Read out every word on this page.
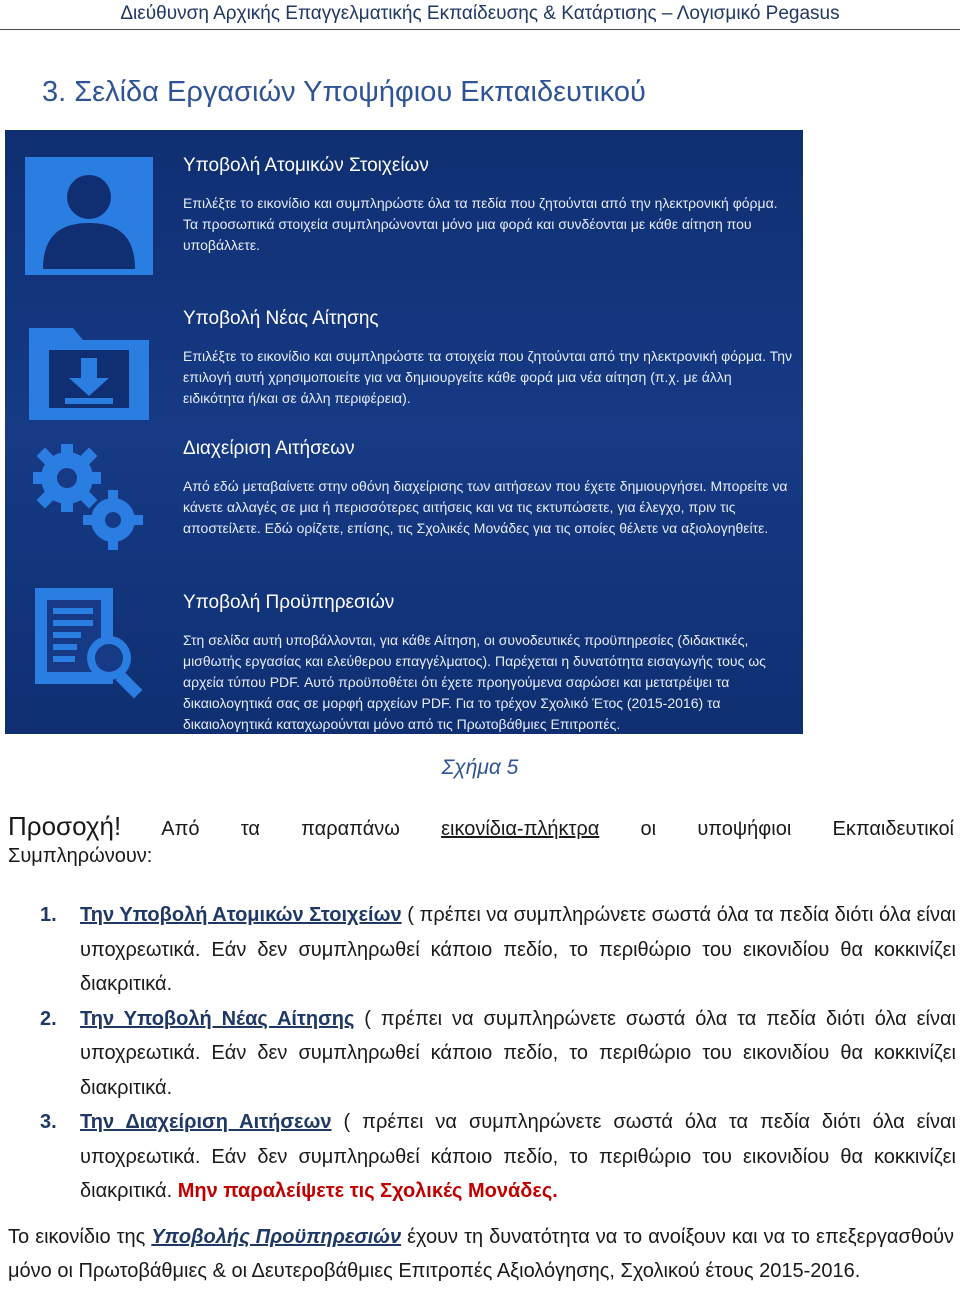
Διεύθυνση Αρχικής Επαγγελματικής Εκπαίδευσης & Κατάρτισης – Λογισμικό Pegasus
3. Σελίδα Εργασιών Υποψήφιου Εκπαιδευτικού
Υποβολή Ατομικών Στοιχείων
Επιλέξτε το εικονίδιο και συμπληρώστε όλα τα πεδία που ζητούνται από την ηλεκτρονική φόρμα. Τα προσωπικά στοιχεία συμπληρώνονται μόνο μια φορά και συνδέονται με κάθε αίτηση που υποβάλλετε.
Υποβολή Νέας Αίτησης
Επιλέξτε το εικονίδιο και συμπληρώστε τα στοιχεία που ζητούνται από την ηλεκτρονική φόρμα. Την επιλογή αυτή χρησιμοποιείτε για να δημιουργείτε κάθε φορά μια νέα αίτηση (π.χ. με άλλη ειδικότητα ή/και σε άλλη περιφέρεια).
Διαχείριση Αιτήσεων
Από εδώ μεταβαίνετε στην οθόνη διαχείρισης των αιτήσεων που έχετε δημιουργήσει. Μπορείτε να κάνετε αλλαγές σε μια ή περισσότερες αιτήσεις και να τις εκτυπώσετε, για έλεγχο, πριν τις αποστείλετε. Εδώ ορίζετε, επίσης, τις Σχολικές Μονάδες για τις οποίες θέλετε να αξιολογηθείτε.
Υποβολή Προϋπηρεσιών
Στη σελίδα αυτή υποβάλλονται, για κάθε Αίτηση, οι συνοδευτικές προϋπηρεσίες (διδακτικές, μισθωτής εργασίας και ελεύθερου επαγγέλματος). Παρέχεται η δυνατότητα εισαγωγής τους ως αρχεία τύπου PDF. Αυτό προϋποθέτει ότι έχετε προηγούμενα σαρώσει και μετατρέψει τα δικαιολογητικά σας σε μορφή αρχείων PDF. Για το τρέχον Σχολικό Έτος (2015-2016) τα δικαιολογητικά καταχωρούνται μόνο από τις Πρωτοβάθμιες Επιτροπές.
Σχήμα 5
Προσοχή! Από τα παραπάνω εικονίδια-πλήκτρα οι υποψήφιοι Εκπαιδευτικοί
Συμπληρώνουν:
1. Την Υποβολή Ατομικών Στοιχείων ( πρέπει να συμπληρώνετε σωστά όλα τα πεδία διότι όλα είναι υποχρεωτικά. Εάν δεν συμπληρωθεί κάποιο πεδίο, το περιθώριο του εικονιδίου θα κοκκινίζει διακριτικά.
2. Την Υποβολή Νέας Αίτησης ( πρέπει να συμπληρώνετε σωστά όλα τα πεδία διότι όλα είναι υποχρεωτικά. Εάν δεν συμπληρωθεί κάποιο πεδίο, το περιθώριο του εικονιδίου θα κοκκινίζει διακριτικά.
3. Την Διαχείριση Αιτήσεων ( πρέπει να συμπληρώνετε σωστά όλα τα πεδία διότι όλα είναι υποχρεωτικά. Εάν δεν συμπληρωθεί κάποιο πεδίο, το περιθώριο του εικονιδίου θα κοκκινίζει διακριτικά. Μην παραλείψετε τις Σχολικές Μονάδες.
Το εικονίδιο της Υποβολής Προϋπηρεσιών έχουν τη δυνατότητα να το ανοίξουν και να το επεξεργασθούν μόνο οι Πρωτοβάθμιες & οι Δευτεροβάθμιες Επιτροπές Αξιολόγησης, Σχολικού έτους 2015-2016.
